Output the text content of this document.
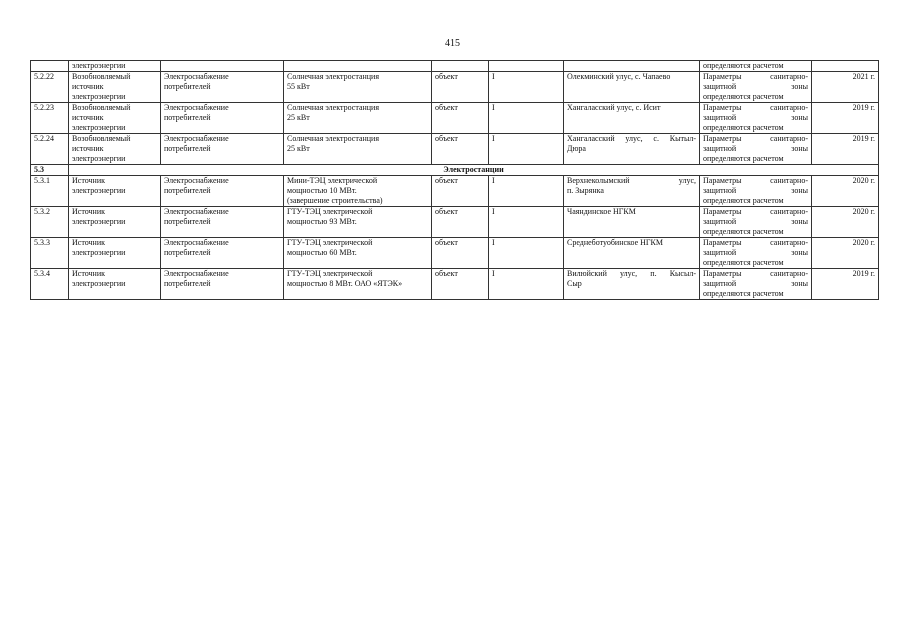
415

	электроэнергии						определяются расчетом	

5.2.22	Возобновляемый
источник
электроэнергии	Электроснабжение
потребителей	Солнечная электростанция
55 кВт	объект	I	Олекминский улус, с. Чапаево	Параметры санитарно-
защитной зоны
определяются расчетом	2021 г.
5.2.23	Возобновляемый
источник
электроэнергии	Электроснабжение
потребителей	Солнечная электростанция
25 кВт	объект	I	Хангаласский улус, с. Исит	Параметры санитарно-
защитной зоны
определяются расчетом	2019 г.
5.2.24	Возобновляемый
источник
электроэнергии	Электроснабжение
потребителей	Солнечная электростанция
25 кВт	объект	I	Хангаласский улус, с. Кытыл-
Дюра	Параметры санитарно-
защитной зоны
определяются расчетом	2019 г.
5.3	Электростанции							
5.3.1	Источник
электроэнергии	Электроснабжение
потребителей	Мини-ТЭЦ электрической
мощностью 10 МВт.
(завершение строительства)	объект	I	Верхнеколымский улус,
п. Зырянка	Параметры санитарно-
защитной зоны
определяются расчетом	2020 г.
5.3.2	Источник
электроэнергии	Электроснабжение
потребителей	ГТУ-ТЭЦ электрической
мощностью 93 МВт.	объект	I	Чаяндинское НГКМ	Параметры санитарно-
защитной зоны
определяются расчетом	2020 г.
5.3.3	Источник
электроэнергии	Электроснабжение
потребителей	ГТУ-ТЭЦ электрической
мощностью 60 МВт.	объект	I	Среднеботуобинское НГКМ	Параметры санитарно-
защитной зоны
определяются расчетом	2020 г.
5.3.4	Источник
электроэнергии	Электроснабжение
потребителей	ГТУ-ТЭЦ электрической
мощностью 8 МВт. ОАО «ЯТЭК»	объект	I	Вилюйский улус, п. Кысыл-
Сыр	Параметры санитарно-
защитной зоны
определяются расчетом	2019 г.
